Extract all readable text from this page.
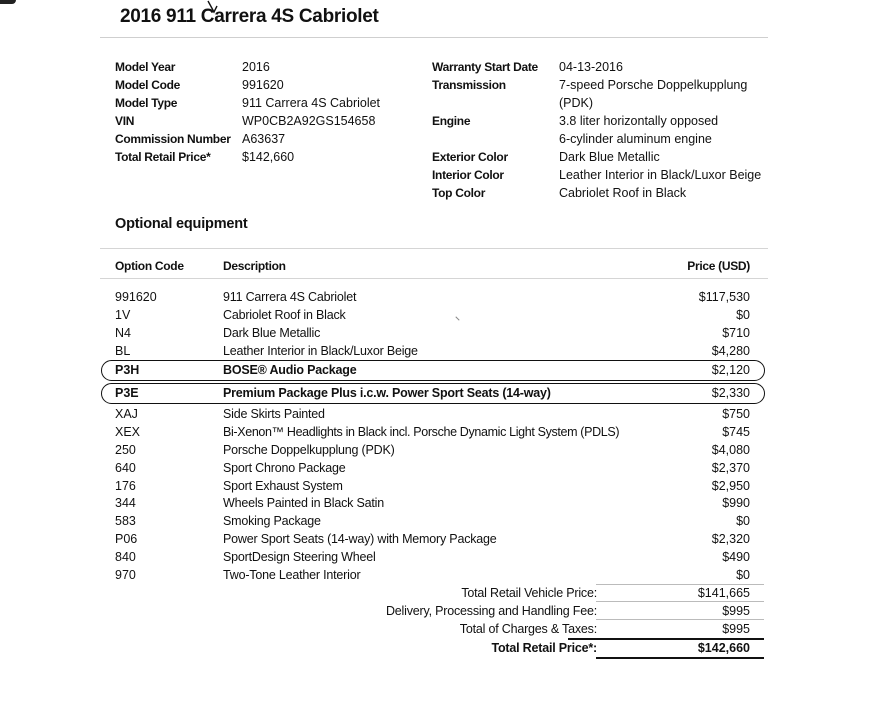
2016 911 Carrera 4S Cabriolet
Model Year	2016
Model Code	991620
Model Type	911 Carrera 4S Cabriolet
VIN	WP0CB2A92GS154658
Commission Number A63637
Total Retail Price*	$142,660
Warranty Start Date 04-13-2016
Transmission	7-speed Porsche Doppelkupplung
(PDK)
Engine	3.8 liter horizontally opposed
6-cylinder aluminum engine
Exterior Color	Dark Blue Metallic
Interior Color	Leather Interior in Black/Luxor Beige
Top Color	Cabriolet Roof in Black
Optional equipment
Option Code	Description	Price (USD)
991620	911 Carrera 4S Cabriolet	$117,530
1V	Cabriolet Roof in Black	$0
N4	Dark Blue Metallic	$710
BL	Leather Interior in Black/Luxor Beige	$4,280
P3H	BOSE® Audio Package	$2,120
P3E	Premium Package Plus i.c.w. Power Sport Seats (14-way)	$2,330
XAJ	Side Skirts Painted	$750
XEX	Bi-Xenon™ Headlights in Black incl. Porsche Dynamic Light System (PDLS)	$745
250	Porsche Doppelkupplung (PDK)	$4,080
640	Sport Chrono Package	$2,370
176	Sport Exhaust System	$2,950
344	Wheels Painted in Black Satin	$990
583	Smoking Package	$0
P06	Power Sport Seats (14-way) with Memory Package	$2,320
840	SportDesign Steering Wheel	$490
970	Two-Tone Leather Interior	$0
Total Retail Vehicle Price:	$141,665
Delivery, Processing and Handling Fee:	$995
Total of Charges & Taxes:	$995
Total Retail Price*:	$142,660
